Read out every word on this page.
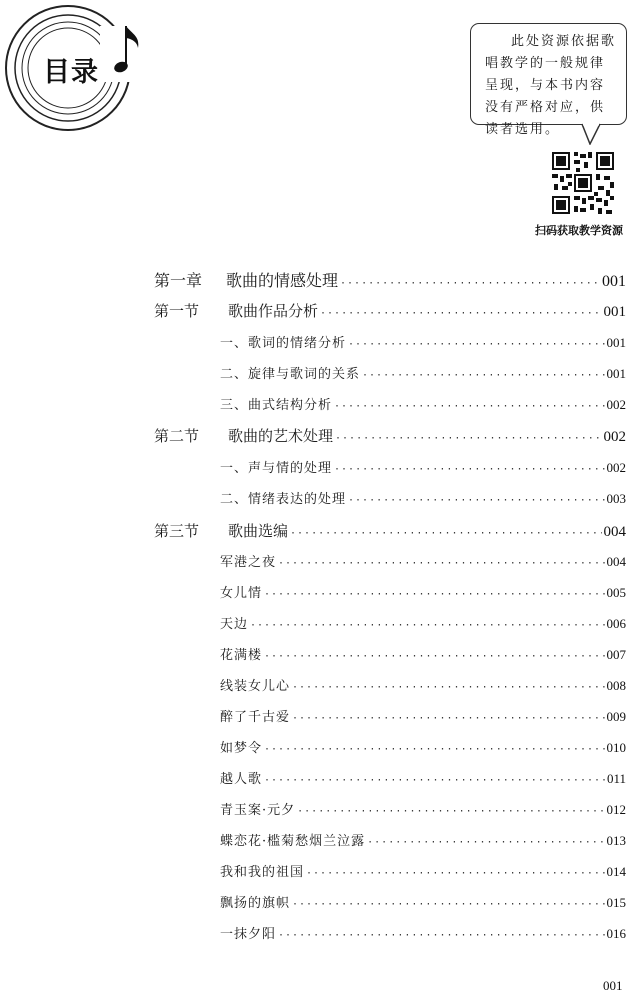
目录
此处资源依据歌唱教学的一般规律呈现，与本书内容没有严格对应，供读者选用。
扫码获取教学资源
第一章	歌曲的情感处理 ·····	001
第一节	歌曲作品分析 ·····	001
一、歌词的情绪分析 ·····	001
二、旋律与歌词的关系 ·····	001
三、曲式结构分析 ·····	002
第二节	歌曲的艺术处理 ·····	002
一、声与情的处理 ·····	002
二、情绪表达的处理 ·····	003
第三节	歌曲选编 ·····	004
军港之夜 ·····	004
女儿情 ·····	005
天边 ·····	006
花满楼 ·····	007
线装女儿心 ·····	008
醉了千古爱 ·····	009
如梦令 ·····	010
越人歌 ·····	011
青玉案·元夕 ·····	012
蝶恋花·槛菊愁烟兰泣露 ·····	013
我和我的祖国 ·····	014
飘扬的旗帜 ·····	015
一抹夕阳 ·····	016
001
